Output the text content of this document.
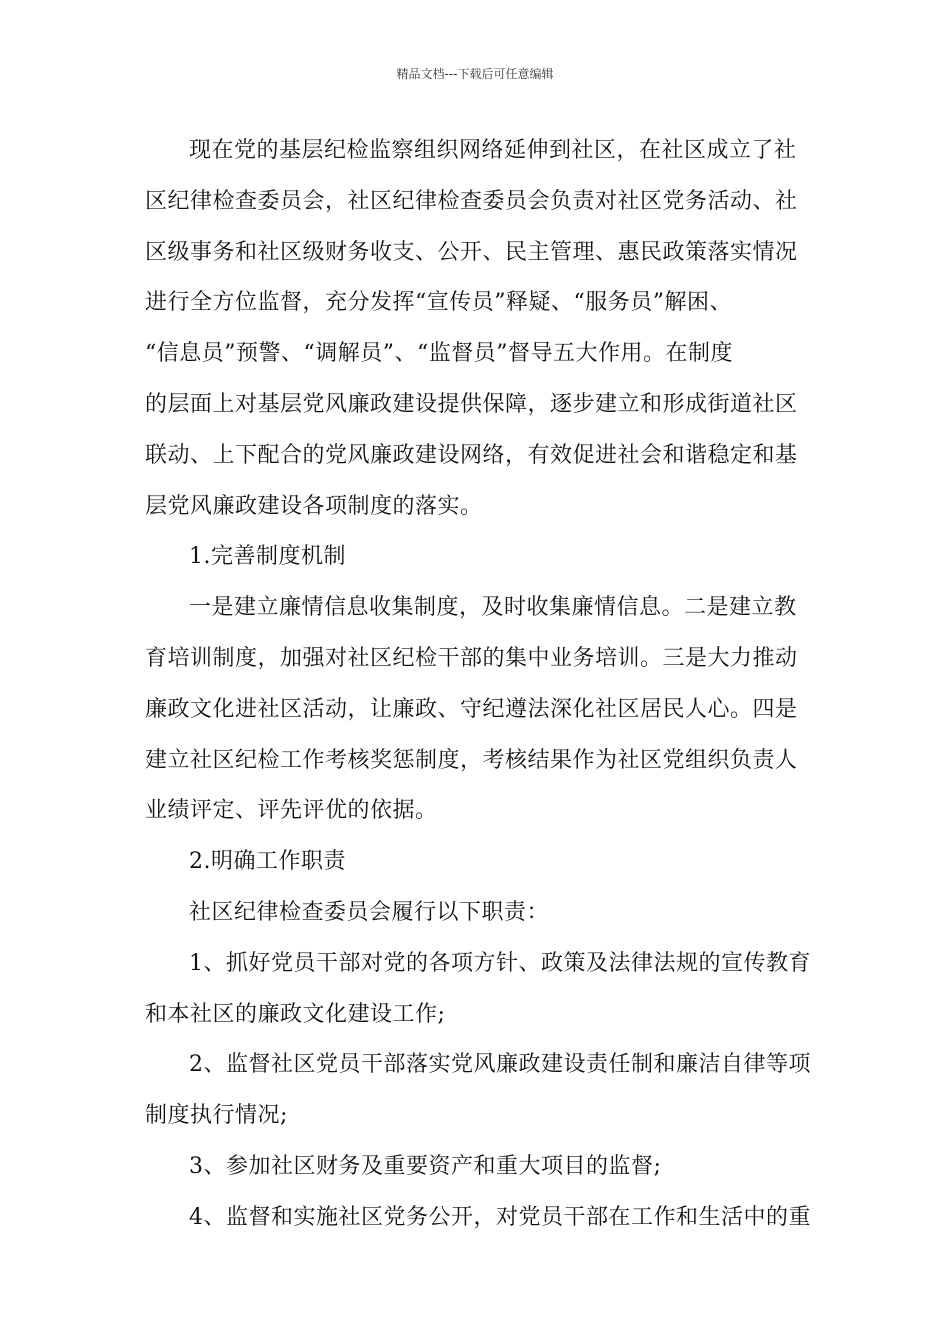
精品文档---下载后可任意编辑
现在党的基层纪检监察组织网络延伸到社区，在社区成立了社
区纪律检查委员会，社区纪律检查委员会负责对社区党务活动、社
区级事务和社区级财务收支、公开、民主管理、惠民政策落实情况
进行全方位监督，充分发挥“宣传员”释疑、“服务员”解困、
“信息员”预警、“调解员”、“监督员”督导五大作用。在制度
的层面上对基层党风廉政建设提供保障，逐步建立和形成街道社区
联动、上下配合的党风廉政建设网络，有效促进社会和谐稳定和基
层党风廉政建设各项制度的落实。
1.完善制度机制
一是建立廉情信息收集制度，及时收集廉情信息。二是建立教
育培训制度，加强对社区纪检干部的集中业务培训。三是大力推动
廉政文化进社区活动，让廉政、守纪遵法深化社区居民人心。四是
建立社区纪检工作考核奖惩制度，考核结果作为社区党组织负责人
业绩评定、评先评优的依据。
2.明确工作职责
社区纪律检查委员会履行以下职责：
1、抓好党员干部对党的各项方针、政策及法律法规的宣传教育
和本社区的廉政文化建设工作;
2、监督社区党员干部落实党风廉政建设责任制和廉洁自律等项
制度执行情况;
3、参加社区财务及重要资产和重大项目的监督;
4、监督和实施社区党务公开，对党员干部在工作和生活中的重
